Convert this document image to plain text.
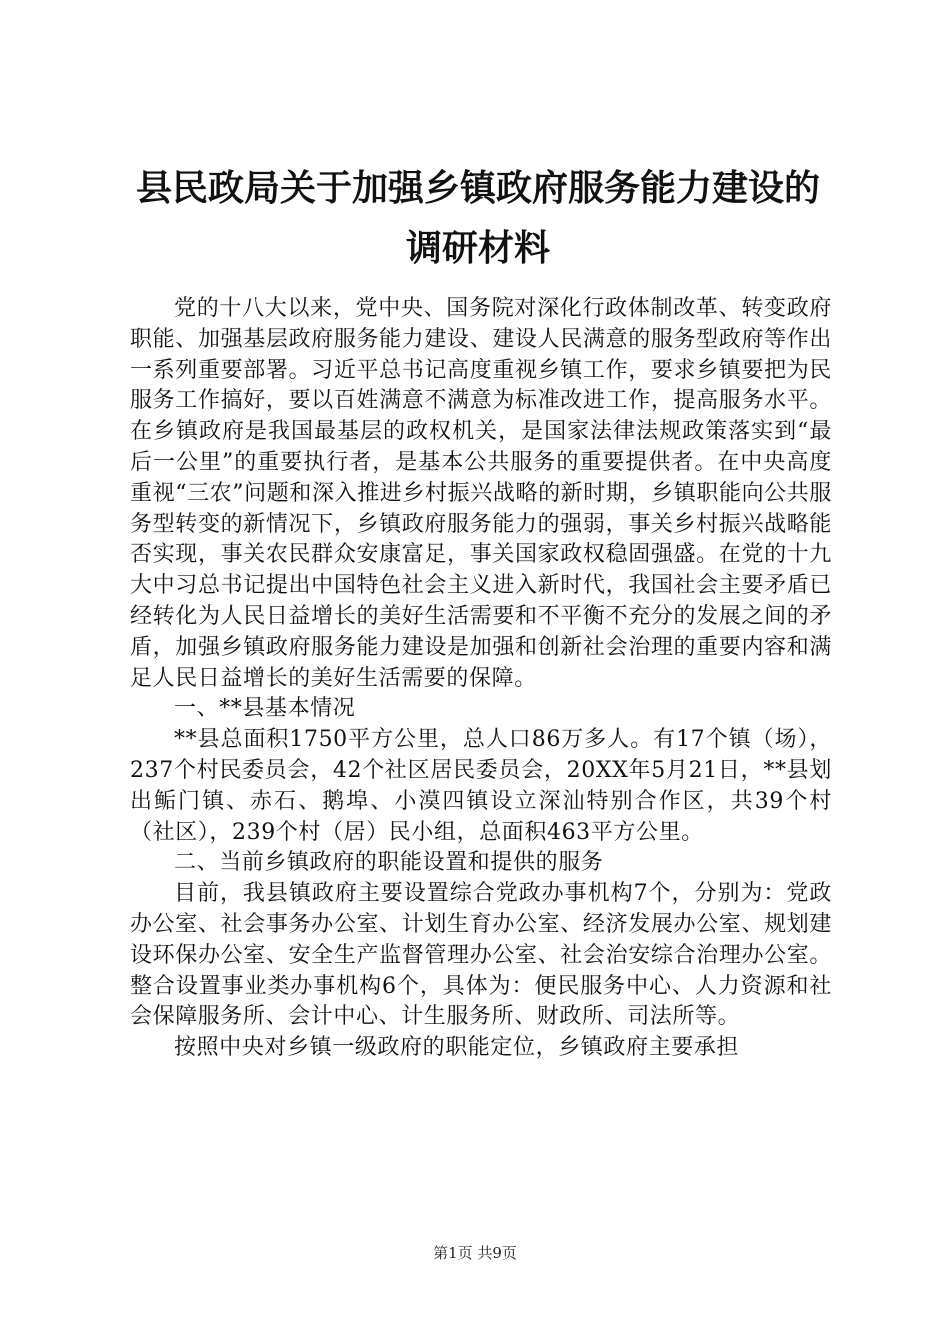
县民政局关于加强乡镇政府服务能力建设的调研材料

党的十八大以来，党中央、国务院对深化行政体制改革、转变政府职能、加强基层政府服务能力建设、建设人民满意的服务型政府等作出一系列重要部署。习近平总书记高度重视乡镇工作，要求乡镇要把为民服务工作搞好，要以百姓满意不满意为标准改进工作，提高服务水平。在乡镇政府是我国最基层的政权机关，是国家法律法规政策落实到“最后一公里”的重要执行者，是基本公共服务的重要提供者。在中央高度重视“三农”问题和深入推进乡村振兴战略的新时期，乡镇职能向公共服务型转变的新情况下，乡镇政府服务能力的强弱，事关乡村振兴战略能否实现，事关农民群众安康富足，事关国家政权稳固强盛。在党的十九大中习总书记提出中国特色社会主义进入新时代，我国社会主要矛盾已经转化为人民日益增长的美好生活需要和不平衡不充分的发展之间的矛盾，加强乡镇政府服务能力建设是加强和创新社会治理的重要内容和满足人民日益增长的美好生活需要的保障。

一、**县基本情况

**县总面积1750平方公里，总人口86万多人。有17个镇（场），237个村民委员会，42个社区居民委员会，20XX年5月21日，**县划出鲘门镇、赤石、鹅埠、小漠四镇设立深汕特别合作区，共39个村（社区），239个村（居）民小组，总面积463平方公里。

二、当前乡镇政府的职能设置和提供的服务

目前，我县镇政府主要设置综合党政办事机构7个，分别为：党政办公室、社会事务办公室、计划生育办公室、经济发展办公室、规划建设环保办公室、安全生产监督管理办公室、社会治安综合治理办公室。整合设置事业类办事机构6个，具体为：便民服务中心、人力资源和社会保障服务所、会计中心、计生服务所、财政所、司法所等。

按照中央对乡镇一级政府的职能定位，乡镇政府主要承担

第1页 共9页
